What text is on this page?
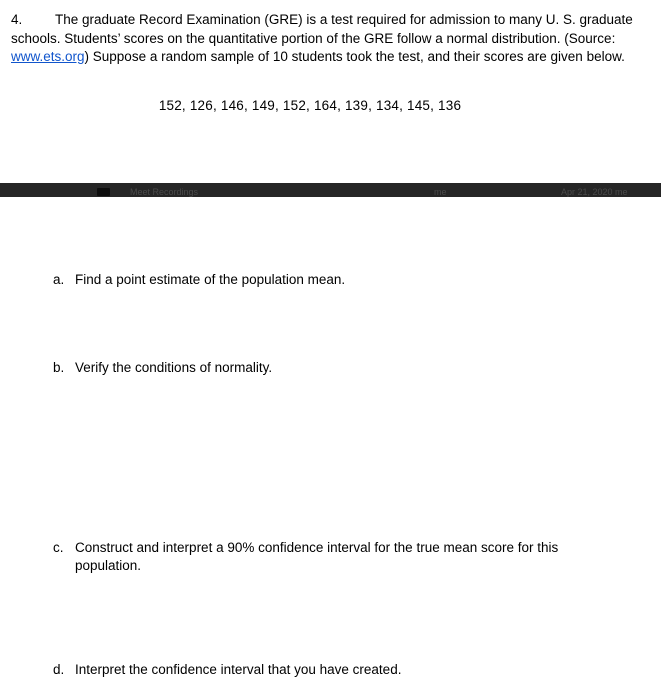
4. The graduate Record Examination (GRE) is a test required for admission to many U. S. graduate schools. Students’ scores on the quantitative portion of the GRE follow a normal distribution. (Source: www.ets.org) Suppose a random sample of 10 students took the test, and their scores are given below.
152, 126, 146, 149, 152, 164, 139, 134, 145, 136
Meet Recordings	me	Apr 21, 2020 me
a. Find a point estimate of the population mean.
b. Verify the conditions of normality.
c. Construct and interpret a 90% confidence interval for the true mean score for this population.
d. Interpret the confidence interval that you have created.
